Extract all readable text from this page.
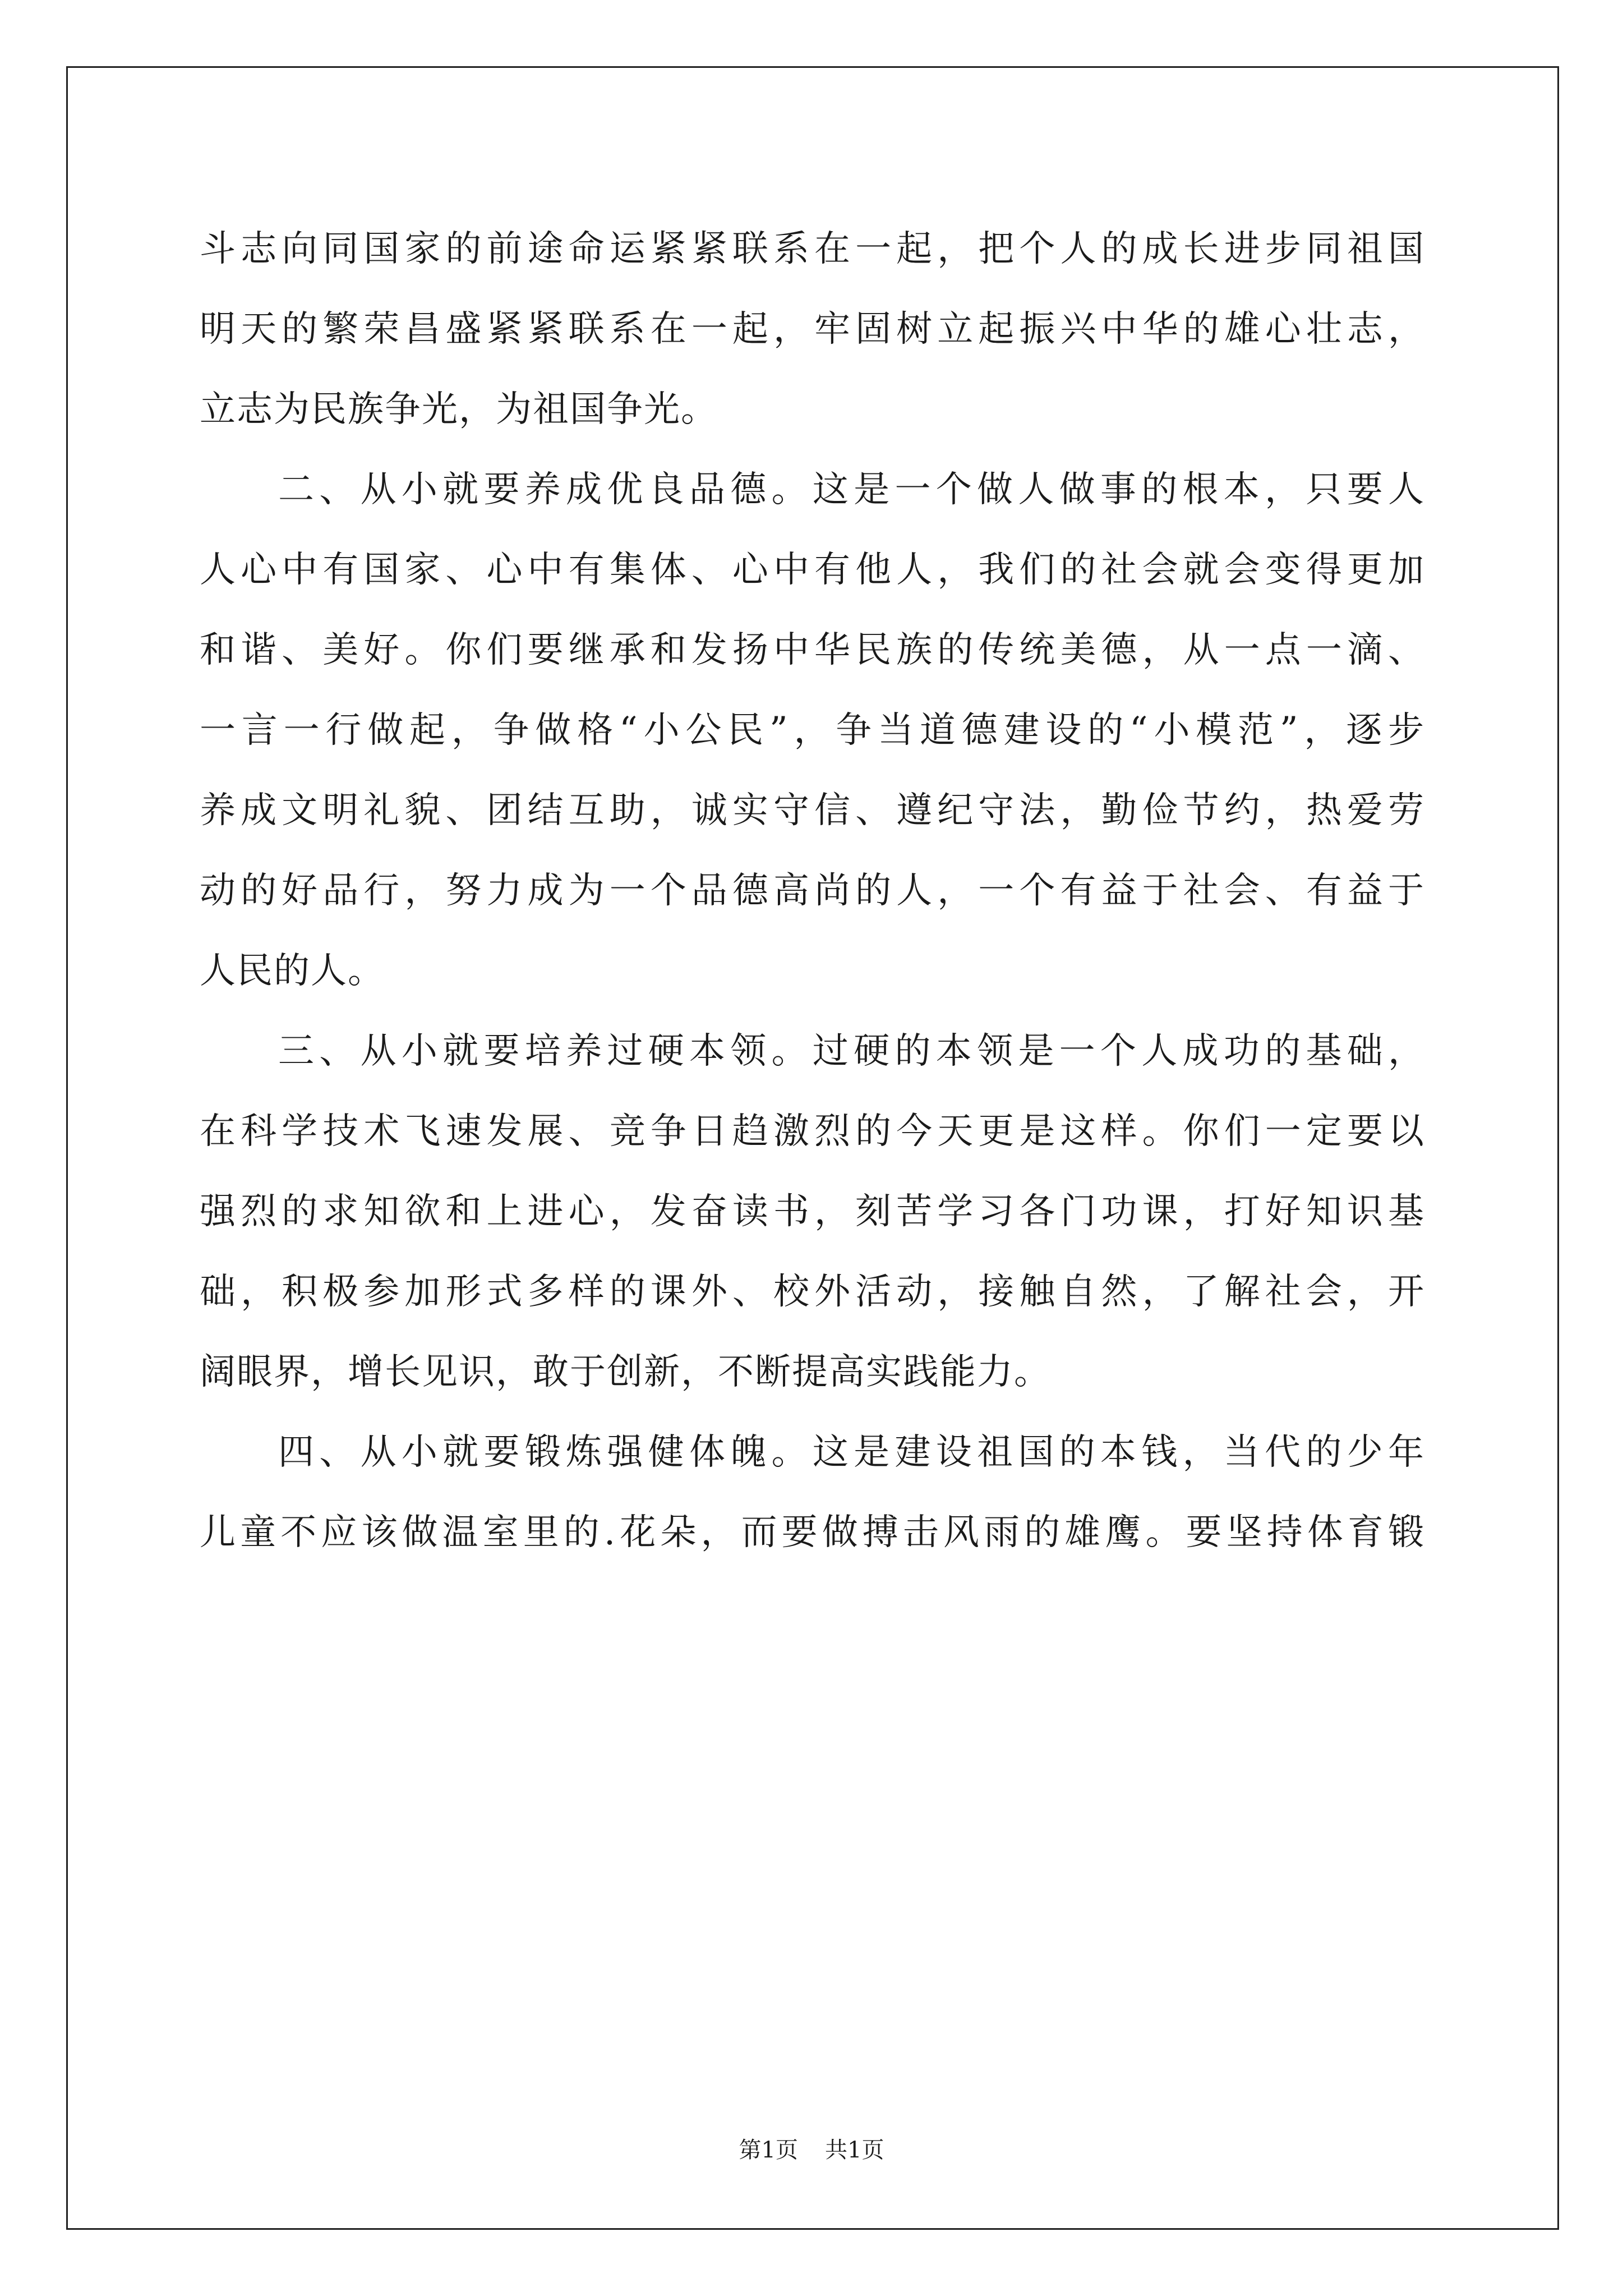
斗志向同国家的前途命运紧紧联系在一起，把个人的成长进步同祖国
明天的繁荣昌盛紧紧联系在一起，牢固树立起振兴中华的雄心壮志，
立志为民族争光，为祖国争光。
二、从小就要养成优良品德。这是一个做人做事的根本，只要人
人心中有国家、心中有集体、心中有他人，我们的社会就会变得更加
和谐、美好。你们要继承和发扬中华民族的传统美德，从一点一滴、
一言一行做起，争做格“小公民”，争当道德建设的“小模范”，逐步
养成文明礼貌、团结互助，诚实守信、遵纪守法，勤俭节约，热爱劳
动的好品行，努力成为一个品德高尚的人，一个有益于社会、有益于
人民的人。
三、从小就要培养过硬本领。过硬的本领是一个人成功的基础，
在科学技术飞速发展、竞争日趋激烈的今天更是这样。你们一定要以
强烈的求知欲和上进心，发奋读书，刻苦学习各门功课，打好知识基
础，积极参加形式多样的课外、校外活动，接触自然，了解社会，开
阔眼界，增长见识，敢于创新，不断提高实践能力。
四、从小就要锻炼强健体魄。这是建设祖国的本钱，当代的少年
儿童不应该做温室里的.花朵，而要做搏击风雨的雄鹰。要坚持体育锻
第1页 共1页
